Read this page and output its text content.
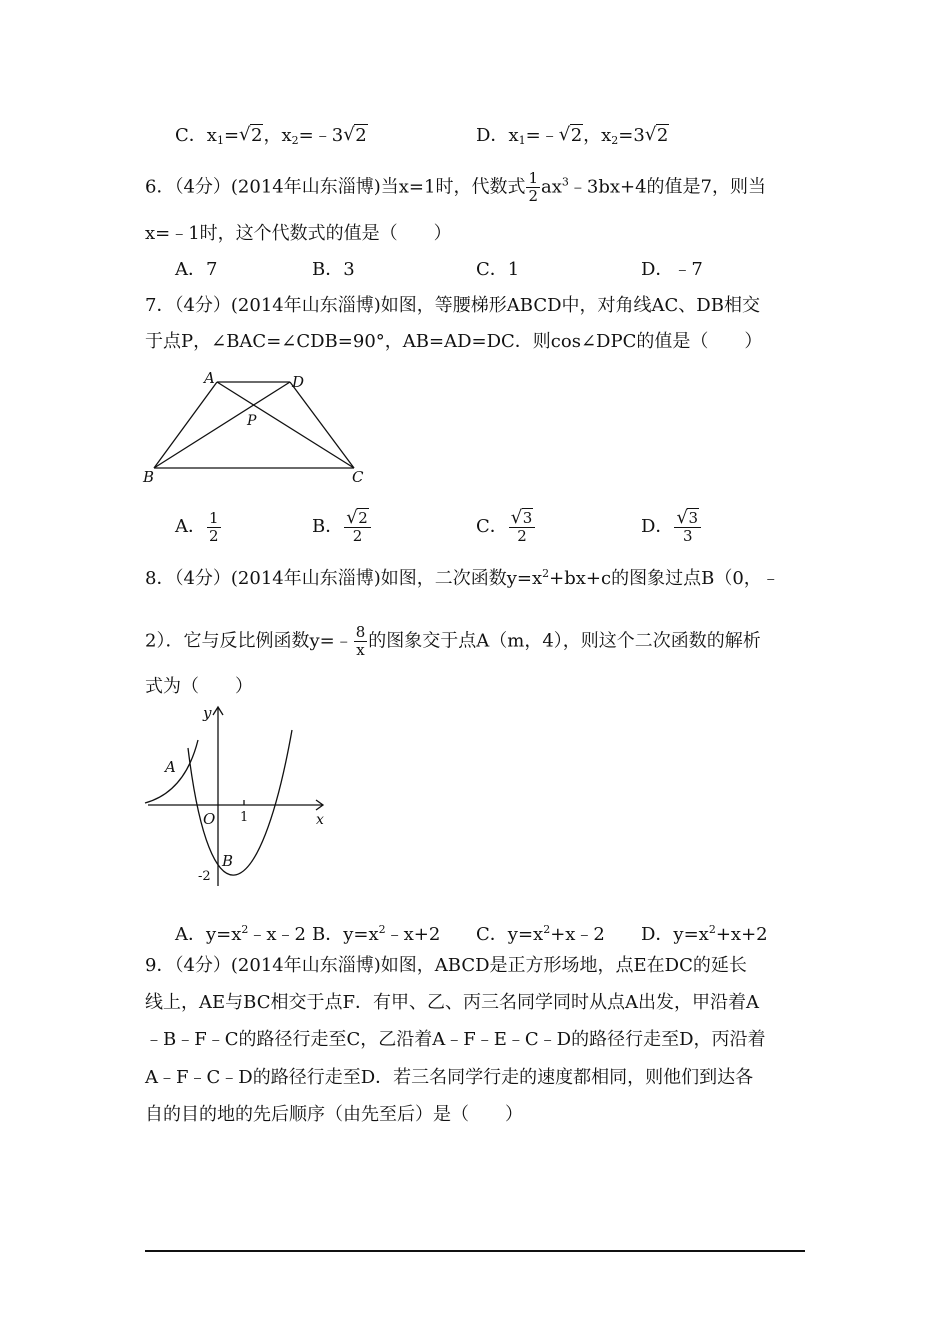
C．$x_1=√$ 2，$x_2=﹣3√$ 2	D．$x_1=﹣√$ 2，$x_2=3√$ 2
6．（4分）(2014年山东淄博)当x=1时，代数式 $\frac{1}{2}$ $ax^3﹣3bx+4$的值是7，则当
x=﹣1时，这个代数式的值是（　　）
A．7	B．3	C．1	D．﹣7
7．（4分）(2014年山东淄博)如图，等腰梯形ABCD中，对角线AC、DB相交
于点P，∠BAC=∠CDB=90°，AB=AD=DC．则cos∠DPC的值是（　　）
A	D
P
B	C
A． $\frac{1}{2}$	B．
√ $\frac{2}{2}$	C．
√ $\frac{3}{2}$	D．
√ $\frac{3}{3}$
8．（4分）(2014年山东淄博)如图，二次函数$y=x^2+bx+c$的图象过点B（0，﹣
2）．它与反比例函数y=﹣ $\frac{8}{x}$ 的图象交于点A（m，4），则这个二次函数的解析
式为（　　）
y
x
A
O 1
B
-2
A．$y=x^2﹣x﹣2$ B．$y=x^2﹣x+2$ C．$y=x^2+x﹣2$ D．$y=x^2+x+2$
9．（4分）(2014年山东淄博)如图，ABCD是正方形场地，点E在DC的延长
线上，AE与BC相交于点F．有甲、乙、丙三名同学同时从点A出发，甲沿着A
﹣B﹣F﹣C的路径行走至C，乙沿着A﹣F﹣E﹣C﹣D的路径行走至D，丙沿着
A﹣F﹣C﹣D的路径行走至D．若三名同学行走的速度都相同，则他们到达各
自的目的地的先后顺序（由先至后）是（　　）
